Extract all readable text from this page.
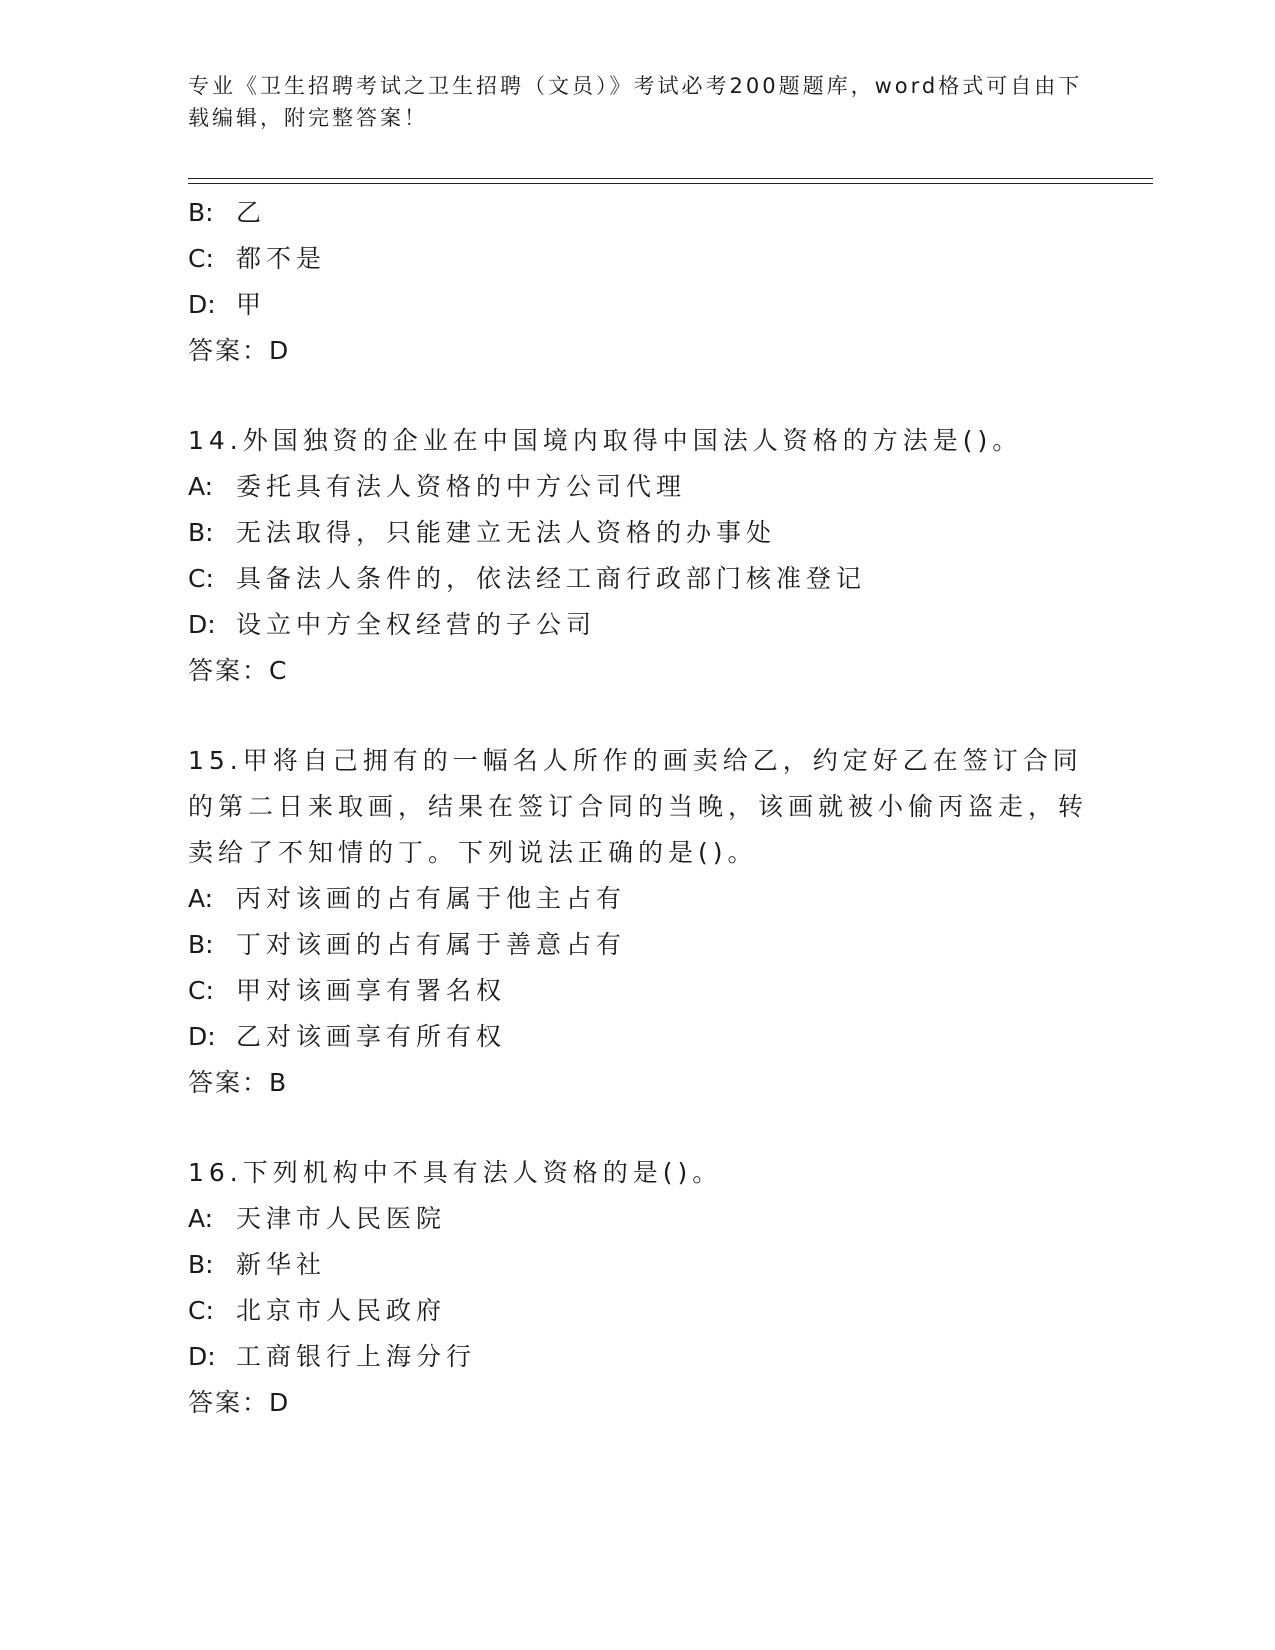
专业《卫生招聘考试之卫生招聘（文员）》考试必考200题题库，word格式可自由下载编辑，附完整答案！
B: 乙
C: 都不是
D: 甲
答案：D
14.外国独资的企业在中国境内取得中国法人资格的方法是()。
A: 委托具有法人资格的中方公司代理
B: 无法取得，只能建立无法人资格的办事处
C: 具备法人条件的，依法经工商行政部门核准登记
D: 设立中方全权经营的子公司
答案：C
15.甲将自己拥有的一幅名人所作的画卖给乙，约定好乙在签订合同的第二日来取画，结果在签订合同的当晚，该画就被小偷丙盗走，转卖给了不知情的丁。下列说法正确的是()。
A: 丙对该画的占有属于他主占有
B: 丁对该画的占有属于善意占有
C: 甲对该画享有署名权
D: 乙对该画享有所有权
答案：B
16.下列机构中不具有法人资格的是()。
A: 天津市人民医院
B: 新华社
C: 北京市人民政府
D: 工商银行上海分行
答案：D
